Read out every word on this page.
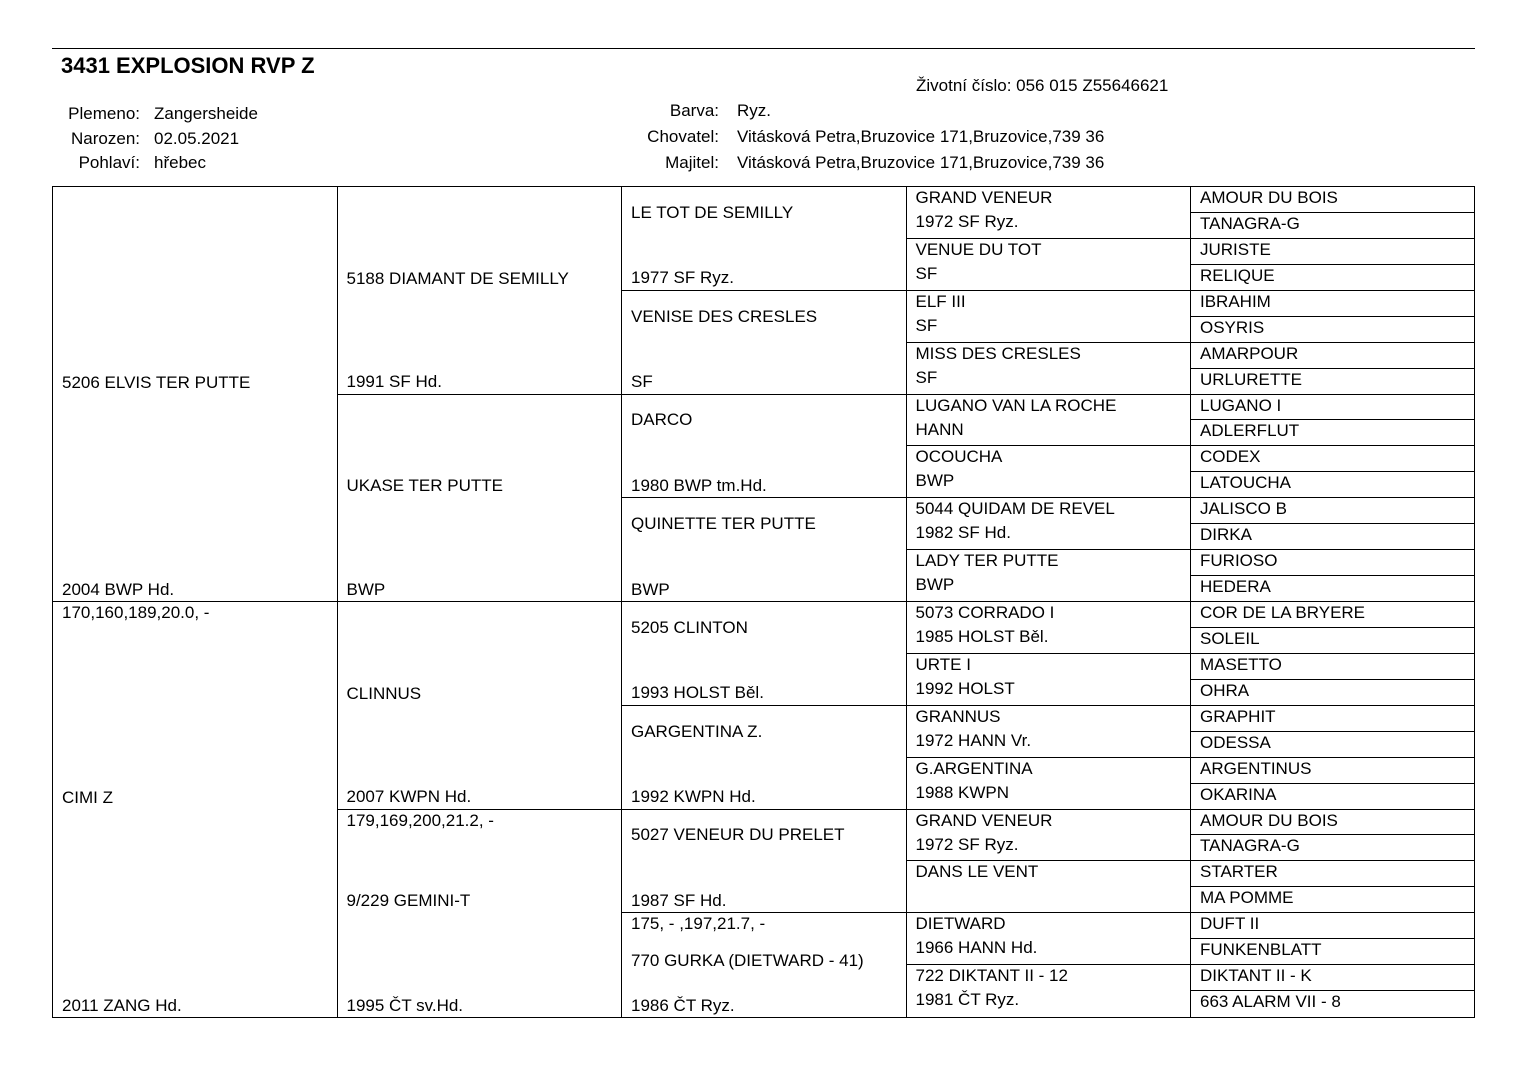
3431 EXPLOSION RVP Z
Životní číslo: 056 015 Z55646621
Plemeno: Zangersheide
Narozen: 02.05.2021
Pohlaví: hřebec
Barva: Ryz.
Chovatel: Vitásková Petra,Bruzovice 171,Bruzovice,739 36
Majitel: Vitásková Petra,Bruzovice 171,Bruzovice,739 36
5206 ELVIS TER PUTTE
2004 BWP Hd.
170,160,189,20.0, -
CIMI Z
2011 ZANG Hd.
5188 DIAMANT DE SEMILLY
1991 SF Hd.
UKASE TER PUTTE
BWP
CLINNUS
2007 KWPN Hd.
179,169,200,21.2, -
9/229 GEMINI-T
1995 ČT sv.Hd.
LE TOT DE SEMILLY
1977 SF Ryz.
VENISE DES CRESLES
SF
DARCO
1980 BWP tm.Hd.
QUINETTE TER PUTTE
BWP
5205 CLINTON
1993 HOLST Běl.
GARGENTINA Z.
1992 KWPN Hd.
5027 VENEUR DU PRELET
1987 SF Hd.
175, - ,197,21.7, -
770 GURKA (DIETWARD - 41)
1986 ČT Ryz.
GRAND VENEUR
1972 SF Ryz.
VENUE DU TOT
SF
ELF III
SF
MISS DES CRESLES
SF
LUGANO VAN LA ROCHE
HANN
OCOUCHA
BWP
5044 QUIDAM DE REVEL
1982 SF Hd.
LADY TER PUTTE
BWP
5073 CORRADO I
1985 HOLST Běl.
URTE I
1992 HOLST
GRANNUS
1972 HANN Vr.
G.ARGENTINA
1988 KWPN
GRAND VENEUR
1972 SF Ryz.
DANS LE VENT
DIETWARD
1966 HANN Hd.
722 DIKTANT II - 12
1981 ČT Ryz.
AMOUR DU BOIS
TANAGRA-G
JURISTE
RELIQUE
IBRAHIM
OSYRIS
AMARPOUR
URLURETTE
LUGANO I
ADLERFLUT
CODEX
LATOUCHA
JALISCO B
DIRKA
FURIOSO
HEDERA
COR DE LA BRYERE
SOLEIL
MASETTO
OHRA
GRAPHIT
ODESSA
ARGENTINUS
OKARINA
AMOUR DU BOIS
TANAGRA-G
STARTER
MA POMME
DUFT II
FUNKENBLATT
DIKTANT II - K
663 ALARM VII - 8
